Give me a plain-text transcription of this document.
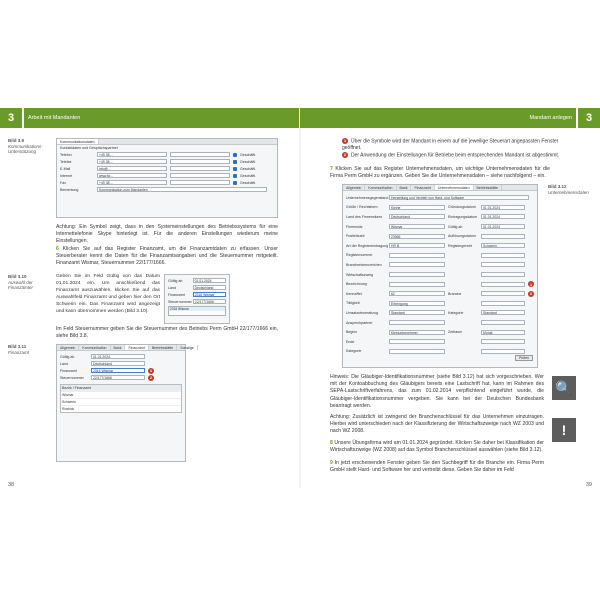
3	Arbeit mit Mandanten
Bild 3.9
Kommunikations-Unterstützung
Kommunikationsdaten
Kontaktdaten und Gesprächspartner
Telefon	+49 38 ...	Geschäftl.
Telefax	+49 38 ...	Geschäftl.
E-Mail	info@...	Geschäftl.
Internet	www.fa...	Geschäftl.
Fax	+49 38 ...	Geschäftl.
Bemerkung	Kommunikation zum Mandanten
Achtung: Ein Symbol zeigt, dass in den Systemeinstellungen des Betriebssystems für eine Internettelefonie Skype hinterlegt ist. Für die anderen Einstellungen wiederum meine Einstellungen.
6 Klicken Sie auf das Register Finanzamt, um die Finanzamtdaten zu erfassen. Unser Steuerberater kennt die Daten für die Finanzamtsangaben und die Steuernummer mitgeteilt. Finanzamt Wismar, Steuernummer 22/177/1666.
Bild 3.10
Auswahl der Finanzämter
Geben Sie im Feld Gültig von das Datum 01.01.2024 ein. Um anschließend das Finanzamt auszuwählen, klicken Sie auf das Auswahlfeld Finanzamt und geben hier den Ort Schwerin ein. Das Finanzamt wird angezeigt und kann übernommen werden (Bild 3.10).
Gültig ab	01.01.2024
Land	Deutschland
Finanzamt	2316 Wismar
Steuernummer 22/177/1666
2316 Wismar
Im Feld Steuernummer geben Sie die Steuernummer des Betriebs Perm GmbH 22/177/1666 ein, siehe Bild 3.8.
Bild 3.11
Finanzamt
Allgemein	Kommunikation	Bank	Finanzamt	Betriebsstätte	Sonstige
Gültig ab	01.01.2024
Land	Deutschland
Finanzamt	2316 Wismar	1
Steuernummer	22/177/1666	2
Bezirk / Finanzamt
Wismar
Schwerin
Rostock
38
Mandant anlegen	3
1 Über die Symbole wird der Mandant in einem auf die jeweilige Steuerart angepassten Fenster geöffnet.
2 Der Anwendung der Einstellungen für Betriebe beim entsprechenden Mandant ist abgestimmt.
7 Klicken Sie auf das Register Unternehmensdaten, um wichtige Unternehmensdaten für die Firma Perm GmbH zu ergänzen. Geben Sie die Unternehmensdaten – siehe nachfolgend – ein.
Allgemein	Kommunikation	Bank	Finanzamt	Unternehmensdaten	Betriebsstätte
Unternehmensgegenstand Herstellung und Vertrieb von Hard- und Software
Größe / Rechtsform	Kleine	Gründungsdatum	01.01.2024
Land des Firmensitzes	Deutschland	Eintragungsdatum	01.01.2024
Firmensitz	Wismar	Gültig ab	01.01.2024
Postleitzahl	23966	Auflösungsdatum
Art der Registereintragung HR B	Registergericht	Schwerin
Registernummer
Branchenkennzeichen
Wirtschaftszweig
Bezeichnung	1
Kennziffer	62	Branche	2
Tätigkeit	Erbringung
Umsatzsteuerabzug	Standard	Kategorie	Standard
Ansprechpartner
Beginn	Kleinunternehmer	Zeitraum	Monat
Ende
Kategorie
Prüfen
Bild 3.12
Unternehmensdaten
Hinweis: Die Gläubiger-Identifikationsnummer (siehe Bild 3.12) hat sich vorgeschrieben. Wer mit der Kontoabbuchung des Gläubigers bereits eine Lastschrift hat, kann im Rahmen des SEPA-Lastschriftverfahrens, das zum 01.02.2014 verpflichtend eingeführt wurde, die Gläubiger-Identifikationsnummer vergeben. Sie kann bei der Deutschen Bundesbank beantragt werden.
🔍
Achtung: Zusätzlich ist zwingend der Branchenschlüssel für das Unternehmen einzutragen. Hierbei wird unterschieden nach der Klassifizierung der Wirtschaftszweige nach WZ 2003 und nach WZ 2008.	!
8 Unsere Übungsfirma wird am 01.01.2024 gegründet. Klicken Sie daher bei Klassifikation der Wirtschaftszweige (WZ 2008) auf das Symbol Branchenschlüssel auswählen (siehe Bild 3.12).
9 In jetzt erscheinenden Fenster geben Sie den Suchbegriff für die Branche ein. Firma Perm GmbH stellt Hard- und Software her und vertreibt diese. Geben Sie daher im Feld
39
